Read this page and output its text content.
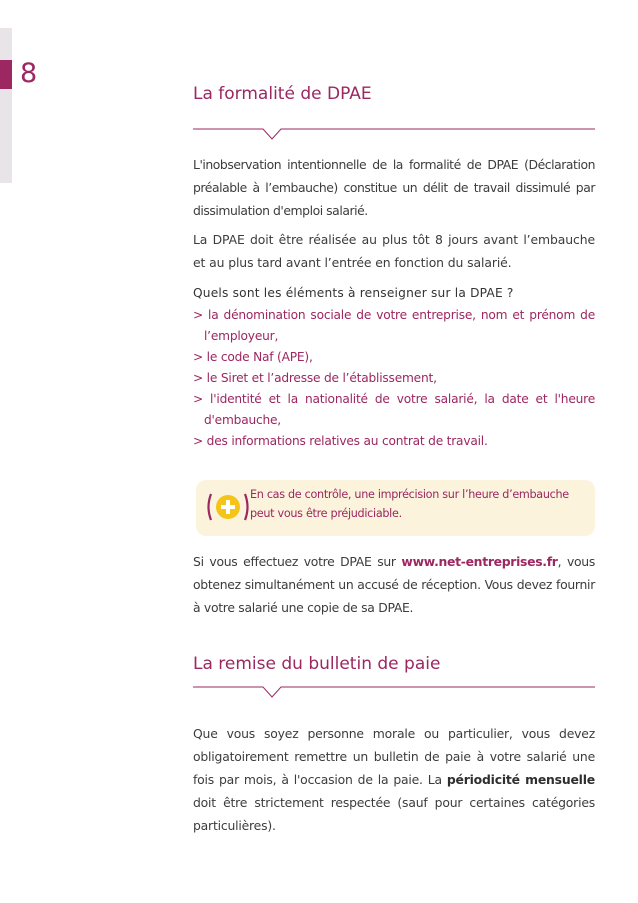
8
La formalité de DPAE

L'inobservation intentionnelle de la formalité de DPAE (Déclaration préalable à l’embauche) constitue un délit de travail dissimulé par dissimulation d'emploi salarié.

La DPAE doit être réalisée au plus tôt 8 jours avant l’embauche et au plus tard avant l’entrée en fonction du salarié.

Quels sont les éléments à renseigner sur la DPAE ?

> la dénomination sociale de votre entreprise, nom et prénom de l’employeur,
> le code Naf (APE),
> le Siret et l’adresse de l’établissement,
> l'identité et la nationalité de votre salarié, la date et l'heure d'embauche,
> des informations relatives au contrat de travail.
En cas de contrôle, une imprécision sur l’heure d’embauche peut vous être préjudiciable.

Si vous effectuez votre DPAE sur www.net-entreprises.fr, vous obtenez simultanément un accusé de réception. Vous devez fournir à votre salarié une copie de sa DPAE.

La remise du bulletin de paie

Que vous soyez personne morale ou particulier, vous devez obligatoirement remettre un bulletin de paie à votre salarié une fois par mois, à l'occasion de la paie. La périodicité mensuelle doit être strictement respectée (sauf pour certaines catégories particulières).
